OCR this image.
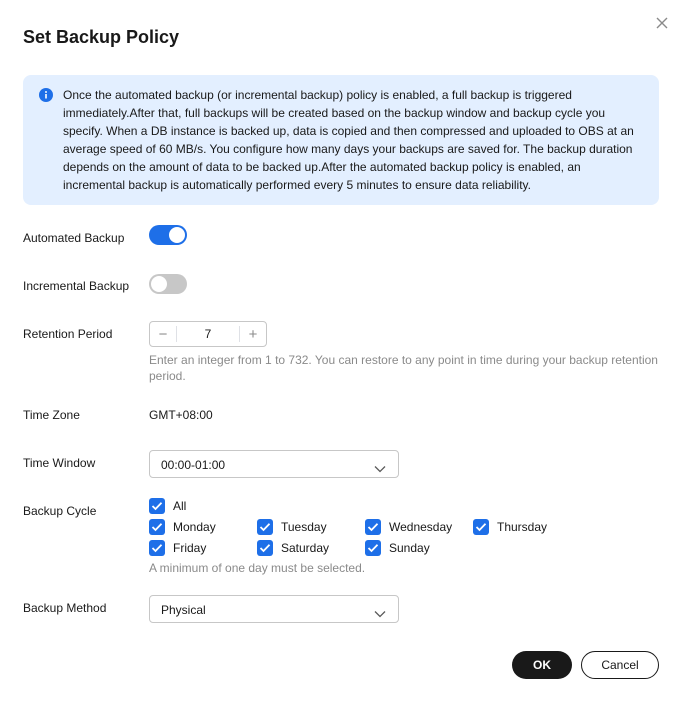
Set Backup Policy

Once the automated backup (or incremental backup) policy is enabled, a full backup is triggered immediately.After that, full backups will be created based on the backup window and backup cycle you specify. When a DB instance is backed up, data is copied and then compressed and uploaded to OBS at an average speed of 60 MB/s. You configure how many days your backups are saved for. The backup duration depends on the amount of data to be backed up.After the automated backup policy is enabled, an incremental backup is automatically performed every 5 minutes to ensure data reliability.

Automated Backup
Incremental Backup
Retention Period	−	7	+
Enter an integer from 1 to 732. You can restore to any point in time during your backup retention period.
Time Zone	GMT+08:00
Time Window	00:00-01:00
Backup Cycle	All
Monday	Tuesday	Wednesday	Thursday
Friday	Saturday	Sunday
A minimum of one day must be selected.
Backup Method	Physical
OK	Cancel
